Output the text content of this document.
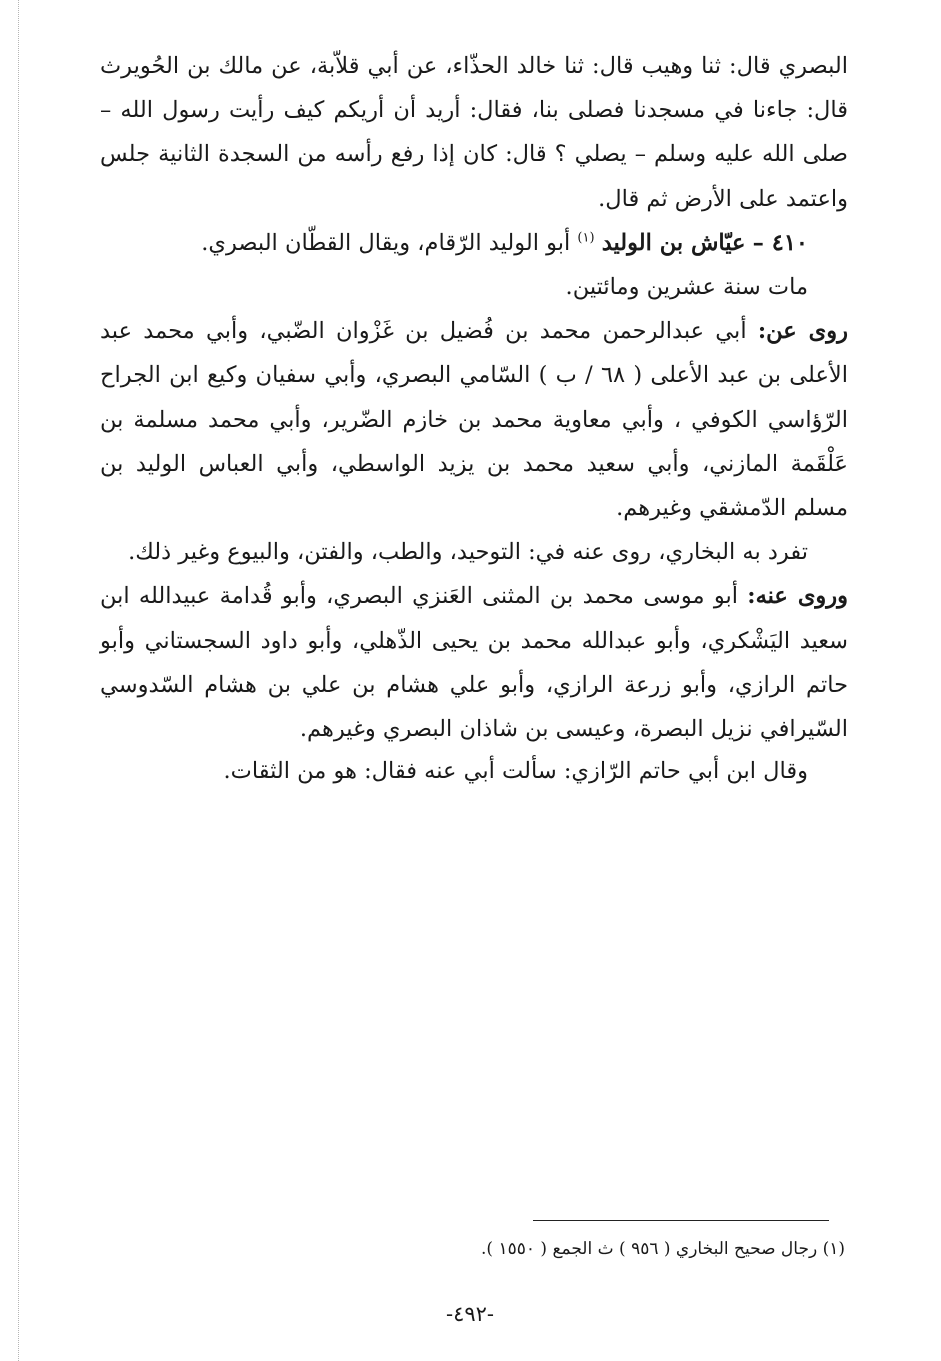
البصري قال: ثنا وهيب قال: ثنا خالد الحذّاء، عن أبي قلاّبة، عن مالك بن الحُويرث قال: جاءنا في مسجدنا فصلى بنا، فقال: أريد أن أريكم كيف رأيت رسول الله – صلى الله عليه وسلم – يصلي ؟ قال: كان إذا رفع رأسه من السجدة الثانية جلس واعتمد على الأرض ثم قال.

٤١٠ – عيّاش بن الوليد $^{(١)}$ أبو الوليد الرّقام، ويقال القطّان البصري.

مات سنة عشرين ومائتين.

روى عن: أبي عبدالرحمن محمد بن فُضيل بن غَزْوان الضّبي، وأبي محمد عبد الأعلى بن عبد الأعلى ( ٦٨ / ب ) السّامي البصري، وأبي سفيان وكيع ابن الجراح الرّؤاسي الكوفي ، وأبي معاوية محمد بن خازم الضّرير، وأبي محمد مسلمة بن عَلْقَمة المازني، وأبي سعيد محمد بن يزيد الواسطي، وأبي العباس الوليد بن مسلم الدّمشقي وغيرهم.

تفرد به البخاري، روى عنه في: التوحيد، والطب، والفتن، والبيوع وغير ذلك.

وروى عنه: أبو موسى محمد بن المثنى العَنزي البصري، وأبو قُدامة عبيدالله ابن سعيد اليَشْكري، وأبو عبدالله محمد بن يحيى الذّهلي، وأبو داود السجستاني وأبو حاتم الرازي، وأبو زرعة الرازي، وأبو علي هشام بن علي بن هشام السّدوسي السّيرافي نزيل البصرة، وعيسى بن شاذان البصري وغيرهم.

وقال ابن أبي حاتم الرّازي: سألت أبي عنه فقال: هو من الثقات.

(١) رجال صحيح البخاري ( ٩٥٦ ) ث الجمع ( ١٥٥٠ ).
-٤٩٢-
